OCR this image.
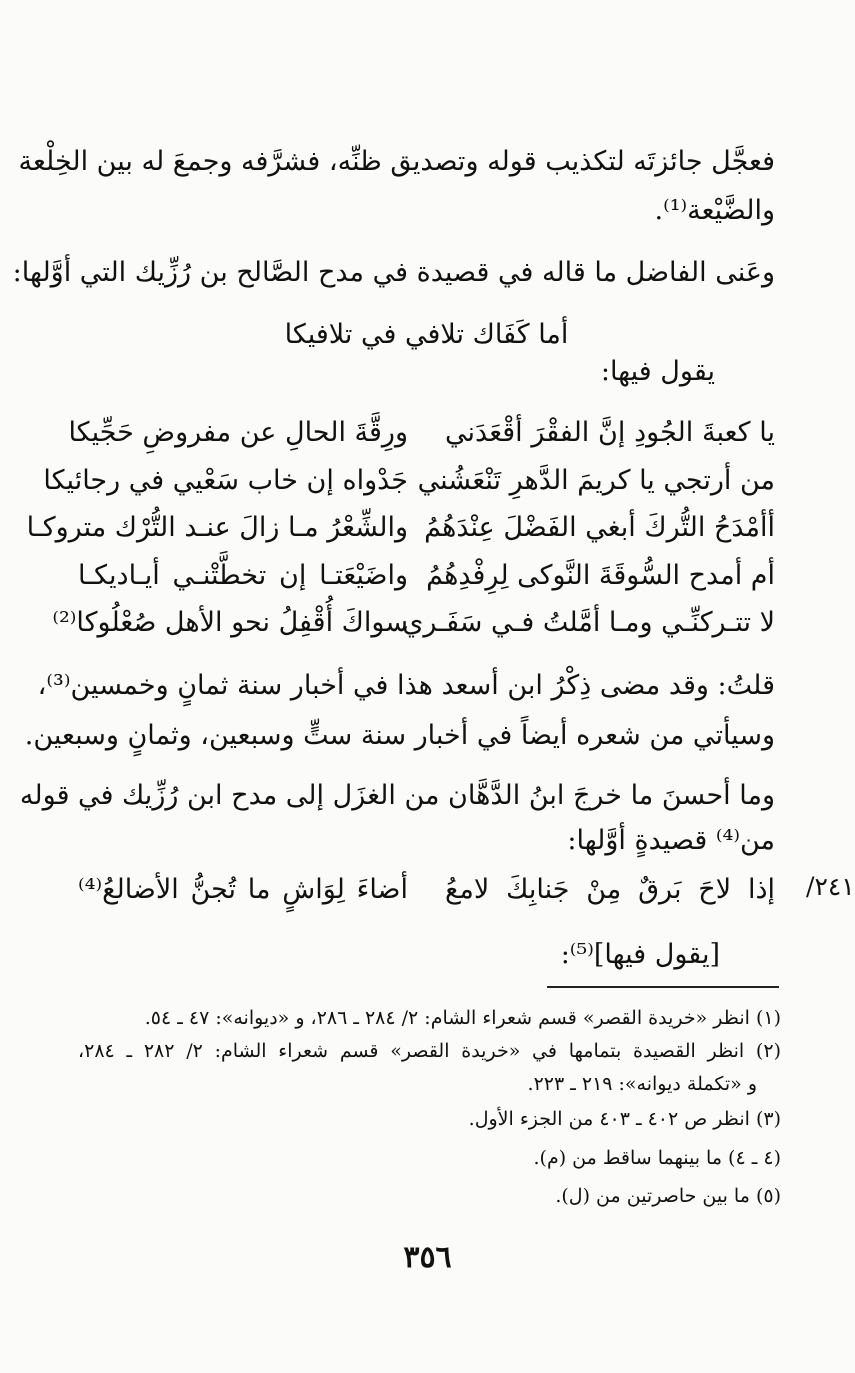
فعجَّل جائزتَه لتكذيب قوله وتصديق ظنِّه، فشرَّفه وجمعَ له بين الخِلْعة
والضَّيْعة⁽¹⁾.
وعَنى الفاضل ما قاله في قصيدة في مدح الصَّالح بن رُزِّيك التي أوَّلها:
أما كَفَاك تلافي في تلافيكا
يقول فيها:
يا كعبةَ الجُودِ إنَّ الفقْرَ أقْعَدَني
ورِقَّةَ الحالِ عن مفروضِ حَجِّيكا
من أرتجي يا كريمَ الدَّهرِ تَنْعَشُني
جَدْواه إن خاب سَعْيي في رجائيكا
أأمْدَحُ التُّركَ أبغي الفَضْلَ عِنْدَهُمُ
والشِّعْرُ مـا زالَ عنـد التُّرْك متروكـا
أم أمدح السُّوقَةَ النَّوكى لِرِفْدِهُمُ
واضَيْعَتـا إن تخطَّتْنـي أيـاديكـا
لا تتـركنِّـي ومـا أمَّلتُ فـي سَفَـري
سواكَ أُقْفِلُ نحو الأهل صُعْلُوكا⁽²⁾
قلتُ: وقد مضى ذِكْرُ ابن أسعد هذا في أخبار سنة ثمانٍ وخمسين⁽³⁾،
وسيأتي من شعره أيضاً في أخبار سنة ستٍّ وسبعين، وثمانٍ وسبعين.
وما أحسنَ ما خرجَ ابنُ الدَّهَّان من الغزَل إلى مدح ابن رُزِّيك في قوله
من⁽⁴⁾ قصيدةٍ أوَّلها:
٢٤١/
إذا لاحَ بَرقٌ مِنْ جَنابِكَ لامعُ
أضاءَ لِوَاشٍ ما تُجنُّ الأضالعُ⁽⁴⁾
[يقول فيها]⁽⁵⁾:
(١) انظر «خريدة القصر» قسم شعراء الشام: ٢/ ٢٨٤ ـ ٢٨٦، و «ديوانه»: ٤٧ ـ ٥٤.
(٢) انظر القصيدة بتمامها في «خريدة القصر» قسم شعراء الشام: ٢/ ٢٨٢ ـ ٢٨٤،
و «تكملة ديوانه»: ٢١٩ ـ ٢٢٣.
(٣) انظر ص ٤٠٢ ـ ٤٠٣ من الجزء الأول.
(٤ ـ ٤) ما بينهما ساقط من (م).
(٥) ما بين حاصرتين من (ل).
٣٥٦
